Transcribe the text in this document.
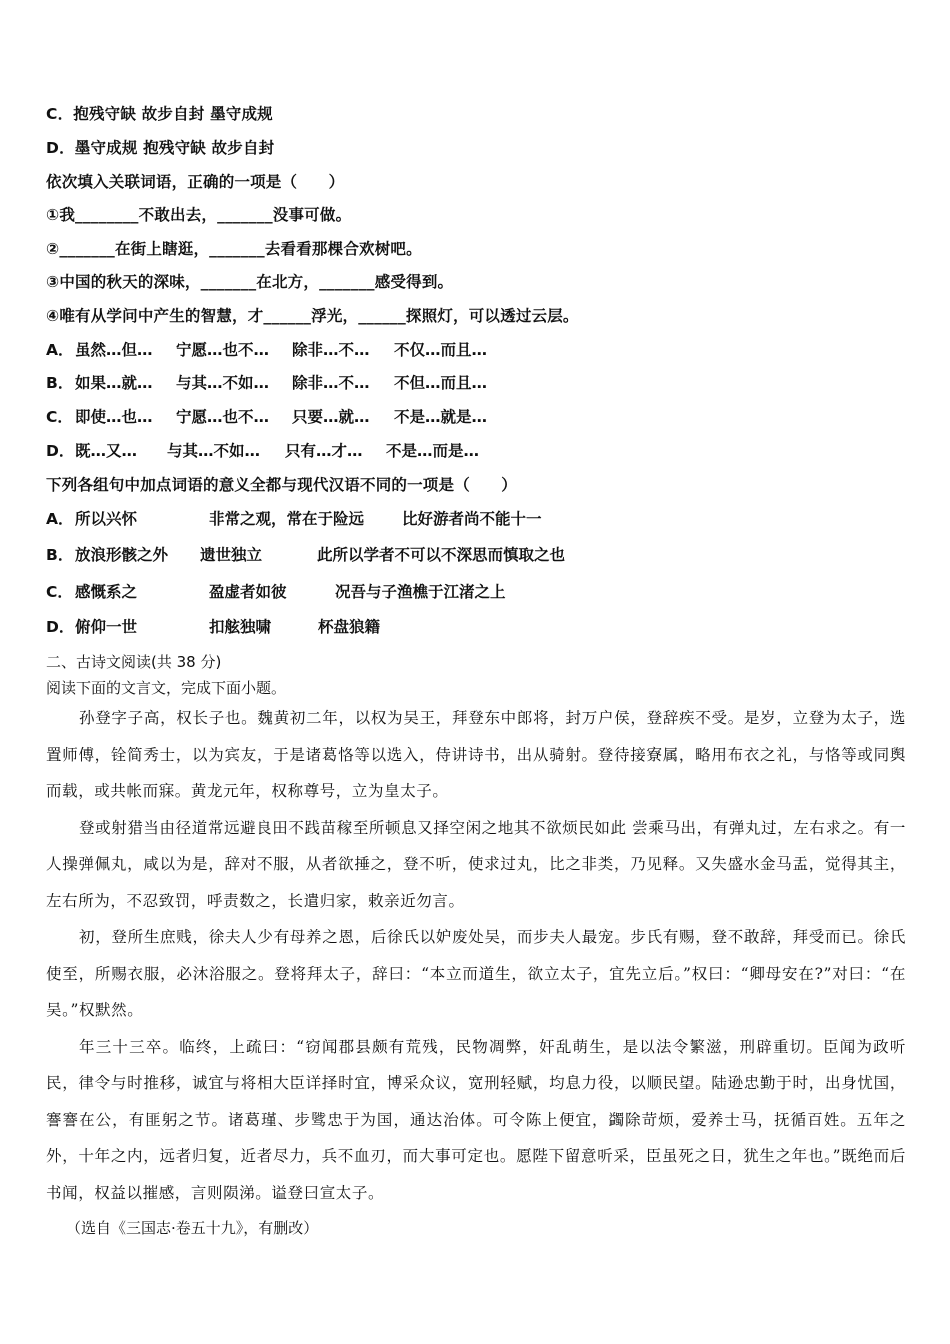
C．抱残守缺 故步自封 墨守成规
D．墨守成规 抱残守缺 故步自封
依次填入关联词语，正确的一项是（　　）
①我________不敢出去，_______没事可做。
②_______在街上瞎逛，_______去看看那棵合欢树吧。
③中国的秋天的深味，_______在北方，_______感受得到。
④唯有从学问中产生的智慧，才______浮光，______探照灯，可以透过云层。
A． 虽然…但… 宁愿…也不… 除非…不… 不仅…而且…
B． 如果…就… 与其…不如… 除非…不… 不但…而且…
C． 即使…也… 宁愿…也不… 只要…就… 不是…就是…
D． 既…又… 与其…不如… 只有…才… 不是…而是…
下列各组句中加点词语的意义全都与现代汉语不同的一项是（　　）
A． 所以兴怀	非常之观，常在于险远 比好游者尚不能十一
B． 放浪形骸之外 遗世独立	此所以学者不可以不深思而慎取之也
C． 感慨系之	盈虚者如彼	况吾与子渔樵于江渚之上
D． 俯仰一世	扣舷独啸	杯盘狼籍
二、古诗文阅读(共 38 分)
阅读下面的文言文，完成下面小题。

孙登字子高，权长子也。魏黄初二年，以权为吴王，拜登东中郎将，封万户侯，登辞疾不受。是岁，立登为太子，选置师傅，铨简秀士，以为宾友，于是诸葛恪等以选入，侍讲诗书，出从骑射。登待接寮属，略用布衣之礼，与恪等或同舆而载，或共帐而寐。黄龙元年，权称尊号，立为皇太子。

登或射猎当由径道常远避良田不践苗稼至所顿息又择空闲之地其不欲烦民如此 尝乘马出，有弹丸过，左右求之。有一人操弹佩丸，咸以为是，辞对不服，从者欲捶之，登不听，使求过丸，比之非类，乃见释。又失盛水金马盂，觉得其主，左右所为，不忍致罚，呼责数之，长遣归家，敕亲近勿言。

初，登所生庶贱，徐夫人少有母养之恩，后徐氏以妒废处吴，而步夫人最宠。步氏有赐，登不敢辞，拜受而已。徐氏使至，所赐衣服，必沐浴服之。登将拜太子，辞曰：“本立而道生，欲立太子，宜先立后。”权曰：“卿母安在?”对曰：“在吴。”权默然。

年三十三卒。临终，上疏曰：“窃闻郡县颇有荒残，民物凋弊，奸乱萌生，是以法令繁滋，刑辟重切。臣闻为政听民，律令与时推移，诚宜与将相大臣详择时宜，博采众议，宽刑轻赋，均息力役，以顺民望。陆逊忠勤于时，出身忧国，謇謇在公，有匪躬之节。诸葛瑾、步骘忠于为国，通达治体。可令陈上便宜，蠲除苛烦，爱养士马，抚循百姓。五年之外，十年之内，远者归复，近者尽力，兵不血刃，而大事可定也。愿陛下留意听采，臣虽死之日，犹生之年也。”既绝而后书闻，权益以摧感，言则陨涕。谥登曰宣太子。

（选自《三国志·卷五十九》，有删改）
